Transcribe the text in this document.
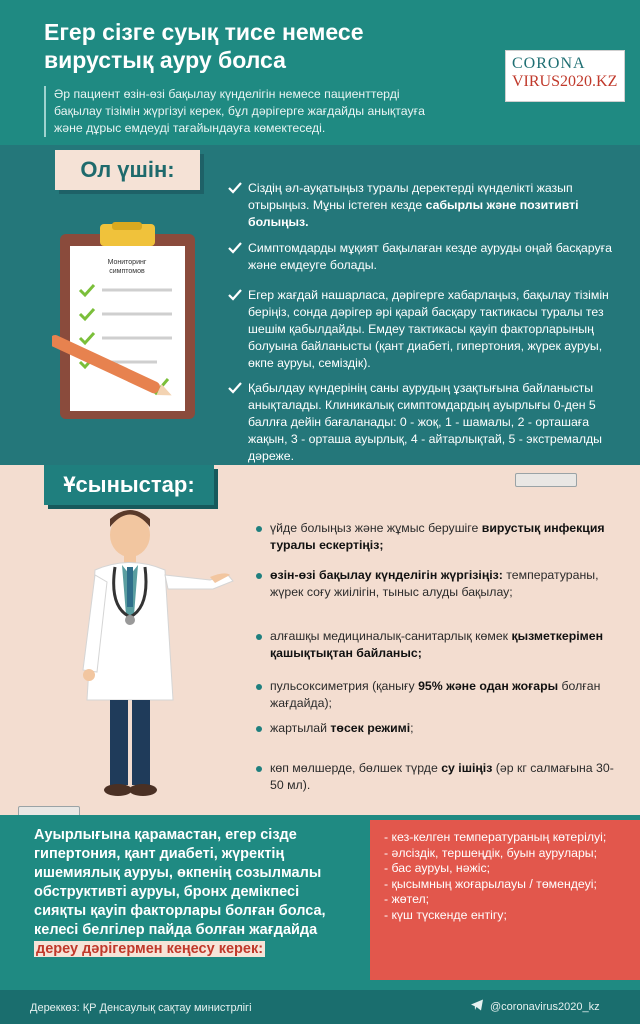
Егер сізге суық тисе немесе вирустық ауру болса
Әр пациент өзін-өзі бақылау күнделігін немесе пациенттерді бақылау тізімін жүргізуі керек, бұл дәрігерге жағдайды анықтауға және дұрыс емдеуді тағайындауға көмектеседі.
CORONA
VIRUS2020.KZ
Ол үшін:
Мониторинг
симптомов
Сіздің әл-ауқатыңыз туралы деректерді күнделікті жазып отырыңыз. Мұны істеген кезде сабырлы және позитивті болыңыз.
Симптомдарды мұқият бақылаған кезде ауруды оңай басқаруға және емдеуге болады.
Егер жағдай нашарласа, дәрігерге хабарлаңыз, бақылау тізімін беріңіз, сонда дәрігер әрі қарай басқару тактикасы туралы тез шешім қабылдайды. Емдеу тактикасы қауіп факторларының болуына байланысты (қант диабеті, гипертония, жүрек ауруы, өкпе ауруы, семіздік).
Қабылдау күндерінің саны аурудың ұзақтығына байланысты анықталады. Клиникалық симптомдардың ауырлығы 0-ден 5 баллға дейін бағаланады: 0 - жоқ, 1 - шамалы, 2 - орташаға жақын, 3 - орташа ауырлық, 4 - айтарлықтай, 5 - экстремалды дәреже.
Ұсыныстар:
үйде болыңыз және жұмыс берушіге вирустық инфекция туралы ескертіңіз;
өзін-өзі бақылау күнделігін жүргізіңіз: температураны, жүрек соғу жиілігін, тыныс алуды бақылау;
алғашқы медициналық-санитарлық көмек қызметкерімен қашықтықтан байланыс;
пульсоксиметрия (қанығу 95% және одан жоғары болған жағдайда);
жартылай төсек режимі;
көп мөлшерде, бөлшек түрде су ішіңіз (әр кг салмағына 30-50 мл).
Ауырлығына қарамастан, егер сізде гипертония, қант диабеті, жүректің ишемиялық ауруы, өкпенің созылмалы обструктивті ауруы, бронх демікпесі сияқты қауіп факторлары болған болса, келесі белгілер пайда болған жағдайда дереу дәрігермен кеңесу керек:
- кез-келген температураның көтерілуі;
- әлсіздік, тершеңдік, буын аурулары;
- бас ауруы, нәжіс;
- қысымның жоғарылауы / төмендеуі;
- жөтел;
- күш түскенде ентігу;
Дереккөз: ҚР Денсаулық сақтау министрлігі	@coronavirus2020_kz
